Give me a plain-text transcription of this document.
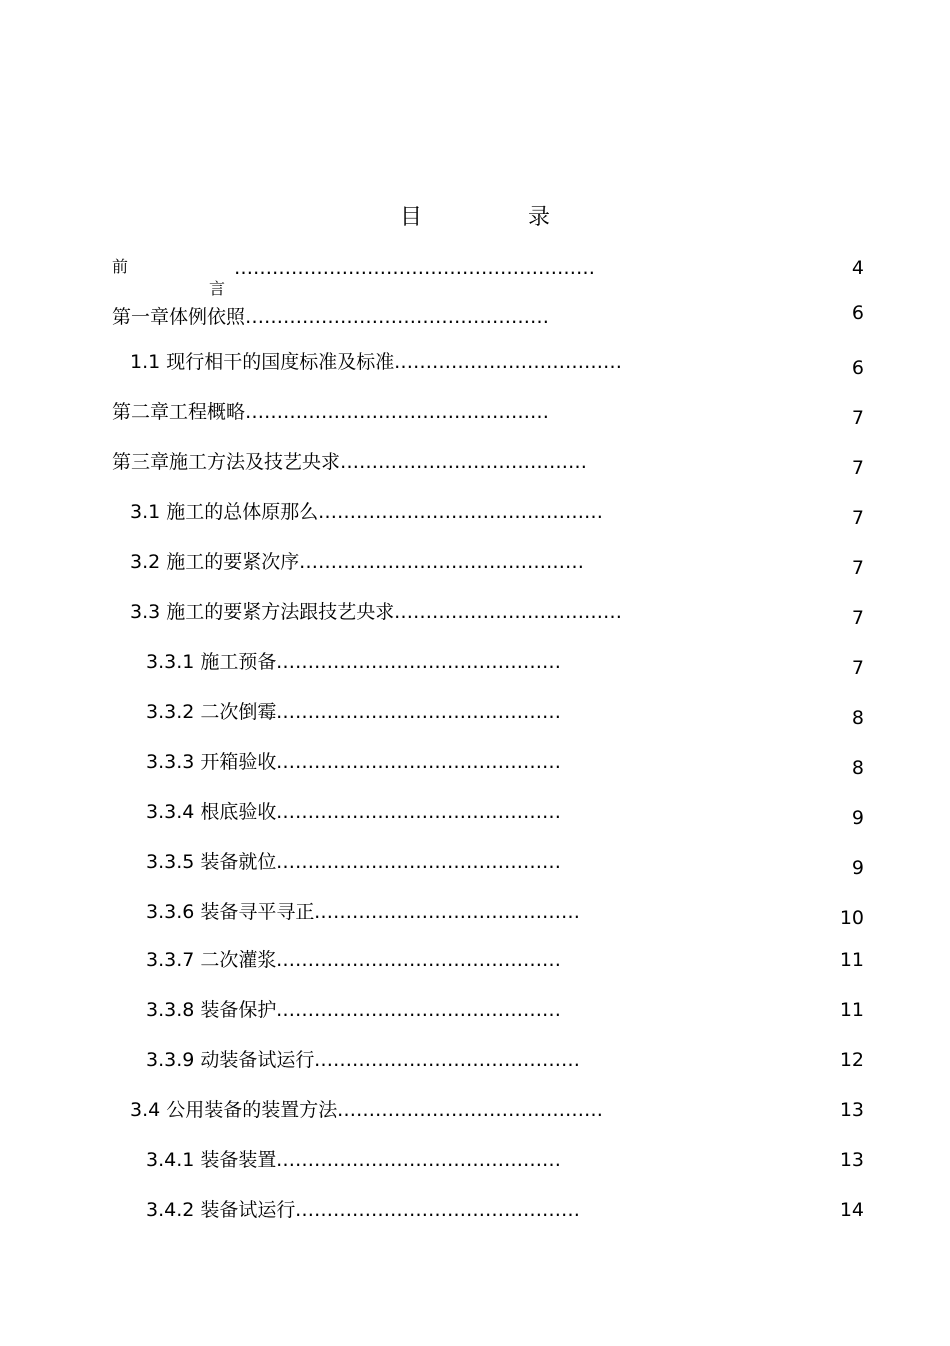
目	录
前
言
…………………………………………………	4
第一章体例依照 …………………………………………	6
1.1 现行相干的国度标准及标准 ………………………………	6
第二章工程概略 …………………………………………	7
第三章施工方法及技艺央求 …………………………………	7
3.1 施工的总体原那么 ………………………………………	7
3.2 施工的要紧次序 ………………………………………	7
3.3 施工的要紧方法跟技艺央求 ………………………………	7
3.3.1 施工预备 ………………………………………	7
3.3.2 二次倒霉 ………………………………………	8
3.3.3 开箱验收 ………………………………………	8
3.3.4 根底验收 ………………………………………	9
3.3.5 装备就位 ………………………………………	9
3.3.6 装备寻平寻正 ……………………………………	10
3.3.7 二次灌浆 ………………………………………	11
3.3.8 装备保护 ………………………………………	11
3.3.9 动装备试运行 ……………………………………	12
3.4 公用装备的装置方法 ……………………………………	13
3.4.1 装备装置 ………………………………………	13
3.4.2 装备试运行 ………………………………………	14
